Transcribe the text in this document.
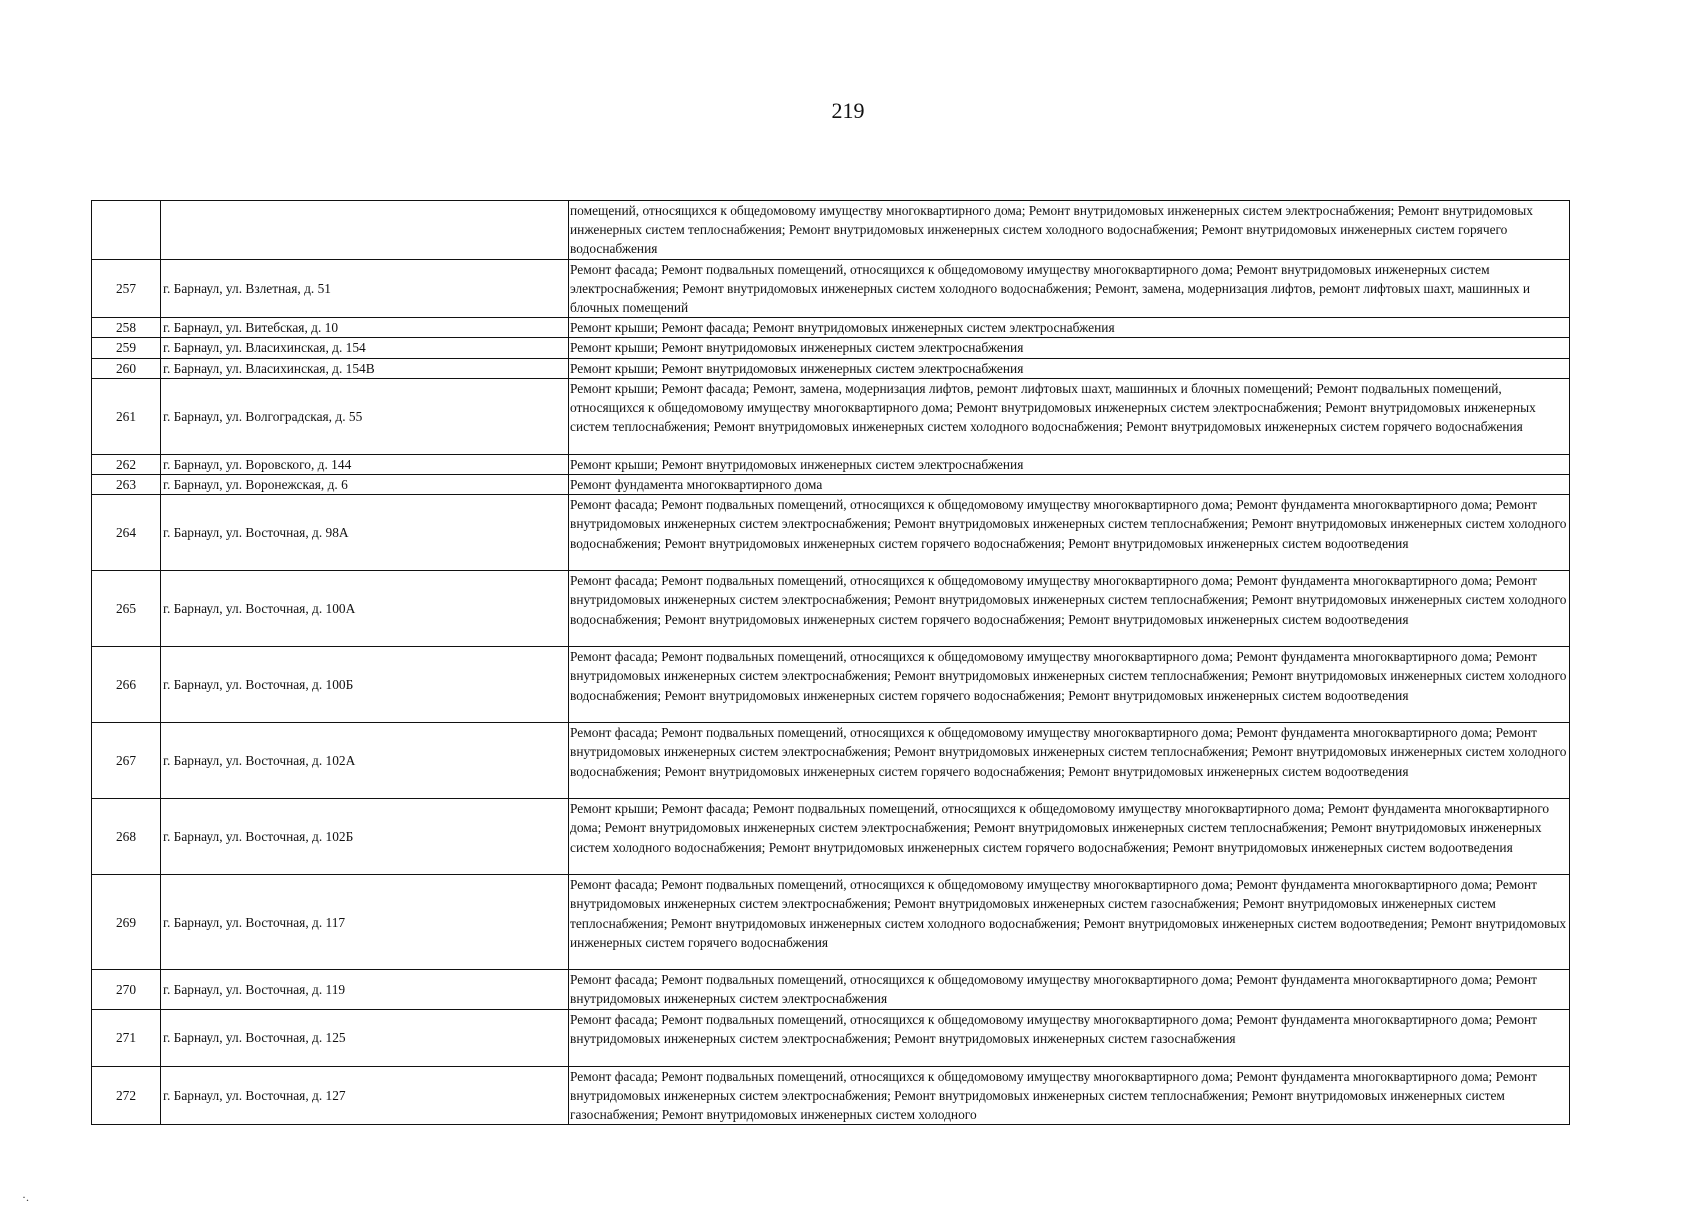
219
		помещений, относящихся к общедомовому имуществу многоквартирного дома; Ремонт внутридомовых инженерных систем электроснабжения; Ремонт внутридомовых инженерных систем теплоснабжения; Ремонт внутридомовых инженерных систем холодного водоснабжения; Ремонт внутридомовых инженерных систем горячего водоснабжения
257	г. Барнаул, ул. Взлетная, д. 51	Ремонт фасада; Ремонт подвальных помещений, относящихся к общедомовому имуществу многоквартирного дома; Ремонт внутридомовых инженерных систем электроснабжения; Ремонт внутридомовых инженерных систем холодного водоснабжения; Ремонт, замена, модернизация лифтов, ремонт лифтовых шахт, машинных и блочных помещений
258	г. Барнаул, ул. Витебская, д. 10	Ремонт крыши; Ремонт фасада; Ремонт внутридомовых инженерных систем электроснабжения
259	г. Барнаул, ул. Власихинская, д. 154	Ремонт крыши; Ремонт внутридомовых инженерных систем электроснабжения
260	г. Барнаул, ул. Власихинская, д. 154В	Ремонт крыши; Ремонт внутридомовых инженерных систем электроснабжения
261	г. Барнаул, ул. Волгоградская, д. 55	Ремонт крыши; Ремонт фасада; Ремонт, замена, модернизация лифтов, ремонт лифтовых шахт, машинных и блочных помещений; Ремонт подвальных помещений, относящихся к общедомовому имуществу многоквартирного дома; Ремонт внутридомовых инженерных систем электроснабжения; Ремонт внутридомовых инженерных систем теплоснабжения; Ремонт внутридомовых инженерных систем холодного водоснабжения; Ремонт внутридомовых инженерных систем горячего водоснабжения
262	г. Барнаул, ул. Воровского, д. 144	Ремонт крыши; Ремонт внутридомовых инженерных систем электроснабжения
263	г. Барнаул, ул. Воронежская, д. 6	Ремонт фундамента многоквартирного дома
264	г. Барнаул, ул. Восточная, д. 98А	Ремонт фасада; Ремонт подвальных помещений, относящихся к общедомовому имуществу многоквартирного дома; Ремонт фундамента многоквартирного дома; Ремонт внутридомовых инженерных систем электроснабжения; Ремонт внутридомовых инженерных систем теплоснабжения; Ремонт внутридомовых инженерных систем холодного водоснабжения; Ремонт внутридомовых инженерных систем горячего водоснабжения; Ремонт внутридомовых инженерных систем водоотведения
265	г. Барнаул, ул. Восточная, д. 100А	Ремонт фасада; Ремонт подвальных помещений, относящихся к общедомовому имуществу многоквартирного дома; Ремонт фундамента многоквартирного дома; Ремонт внутридомовых инженерных систем электроснабжения; Ремонт внутридомовых инженерных систем теплоснабжения; Ремонт внутридомовых инженерных систем холодного водоснабжения; Ремонт внутридомовых инженерных систем горячего водоснабжения; Ремонт внутридомовых инженерных систем водоотведения
266	г. Барнаул, ул. Восточная, д. 100Б	Ремонт фасада; Ремонт подвальных помещений, относящихся к общедомовому имуществу многоквартирного дома; Ремонт фундамента многоквартирного дома; Ремонт внутридомовых инженерных систем электроснабжения; Ремонт внутридомовых инженерных систем теплоснабжения; Ремонт внутридомовых инженерных систем холодного водоснабжения; Ремонт внутридомовых инженерных систем горячего водоснабжения; Ремонт внутридомовых инженерных систем водоотведения
267	г. Барнаул, ул. Восточная, д. 102А	Ремонт фасада; Ремонт подвальных помещений, относящихся к общедомовому имуществу многоквартирного дома; Ремонт фундамента многоквартирного дома; Ремонт внутридомовых инженерных систем электроснабжения; Ремонт внутридомовых инженерных систем теплоснабжения; Ремонт внутридомовых инженерных систем холодного водоснабжения; Ремонт внутридомовых инженерных систем горячего водоснабжения; Ремонт внутридомовых инженерных систем водоотведения
268	г. Барнаул, ул. Восточная, д. 102Б	Ремонт крыши; Ремонт фасада; Ремонт подвальных помещений, относящихся к общедомовому имуществу многоквартирного дома; Ремонт фундамента многоквартирного дома; Ремонт внутридомовых инженерных систем электроснабжения; Ремонт внутридомовых инженерных систем теплоснабжения; Ремонт внутридомовых инженерных систем холодного водоснабжения; Ремонт внутридомовых инженерных систем горячего водоснабжения; Ремонт внутридомовых инженерных систем водоотведения
269	г. Барнаул, ул. Восточная, д. 117	Ремонт фасада; Ремонт подвальных помещений, относящихся к общедомовому имуществу многоквартирного дома; Ремонт фундамента многоквартирного дома; Ремонт внутридомовых инженерных систем электроснабжения; Ремонт внутридомовых инженерных систем газоснабжения; Ремонт внутридомовых инженерных систем теплоснабжения; Ремонт внутридомовых инженерных систем холодного водоснабжения; Ремонт внутридомовых инженерных систем водоотведения; Ремонт внутридомовых инженерных систем горячего водоснабжения
270	г. Барнаул, ул. Восточная, д. 119	Ремонт фасада; Ремонт подвальных помещений, относящихся к общедомовому имуществу многоквартирного дома; Ремонт фундамента многоквартирного дома; Ремонт внутридомовых инженерных систем электроснабжения
271	г. Барнаул, ул. Восточная, д. 125	Ремонт фасада; Ремонт подвальных помещений, относящихся к общедомовому имуществу многоквартирного дома; Ремонт фундамента многоквартирного дома; Ремонт внутридомовых инженерных систем электроснабжения; Ремонт внутридомовых инженерных систем газоснабжения
272	г. Барнаул, ул. Восточная, д. 127	Ремонт фасада; Ремонт подвальных помещений, относящихся к общедомовому имуществу многоквартирного дома; Ремонт фундамента многоквартирного дома; Ремонт внутридомовых инженерных систем электроснабжения; Ремонт внутридомовых инженерных систем теплоснабжения; Ремонт внутридомовых инженерных систем газоснабжения; Ремонт внутридомовых инженерных систем холодного
·.
